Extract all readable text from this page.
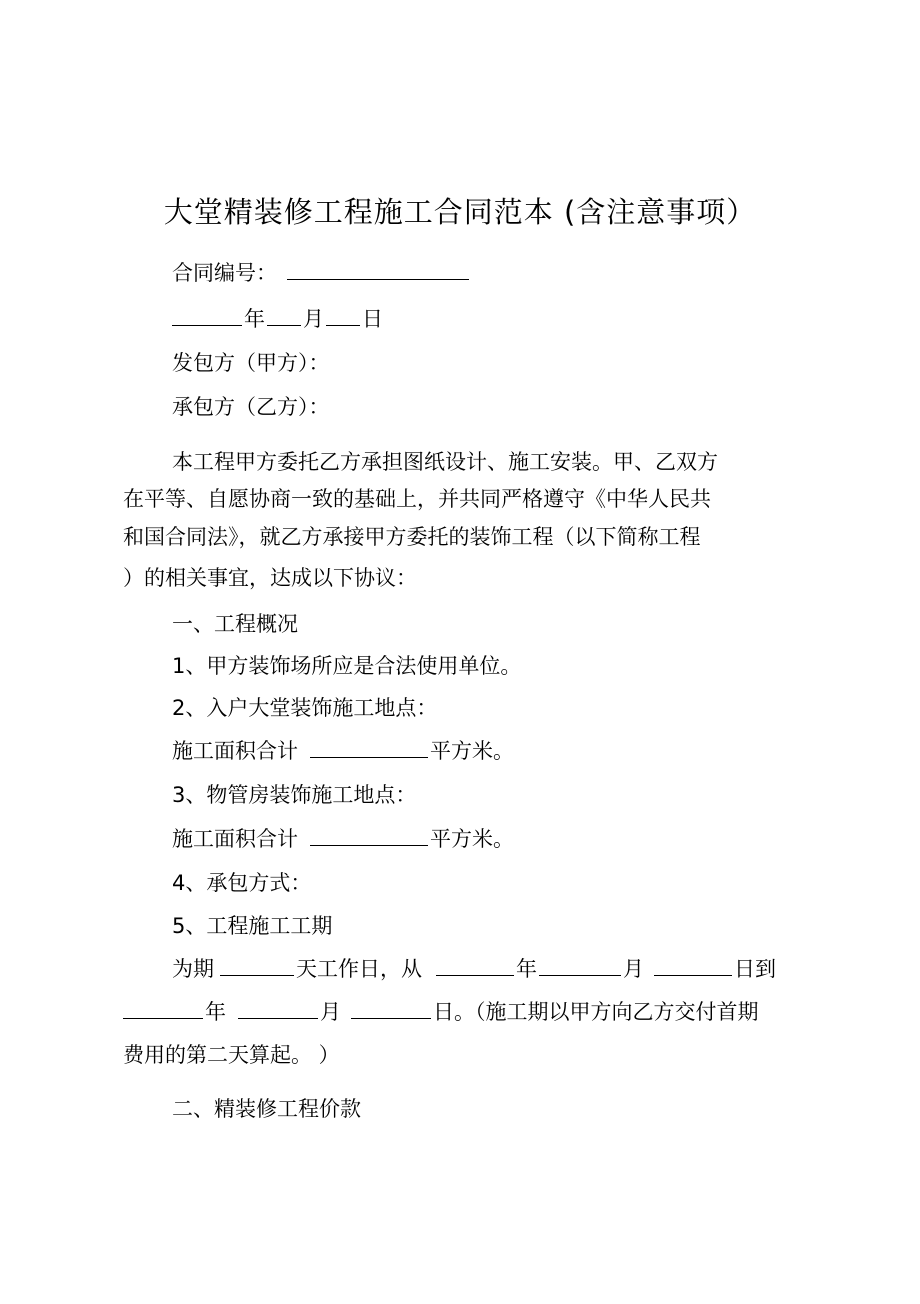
大堂精装修工程施工合同范本 (含注意事项）
合同编号：
年 月 日
发包方（甲方）：
承包方（乙方）：
本工程甲方委托乙方承担图纸设计、施工安装。甲、乙双方
在平等、自愿协商一致的基础上，并共同严格遵守《中华人民共
和国合同法》，就乙方承接甲方委托的装饰工程（以下简称工程
）的相关事宜，达成以下协议：
一、工程概况
1、甲方装饰场所应是合法使用单位。
2、入户大堂装饰施工地点：
施工面积合计	平方米。
3、物管房装饰施工地点：
施工面积合计	平方米。
4、承包方式：
5、工程施工工期
为期	天工作日，从	年	月	日到
年	月	日。（施工期以甲方向乙方交付首期
费用的第二天算起。 ）
二、精装修工程价款
